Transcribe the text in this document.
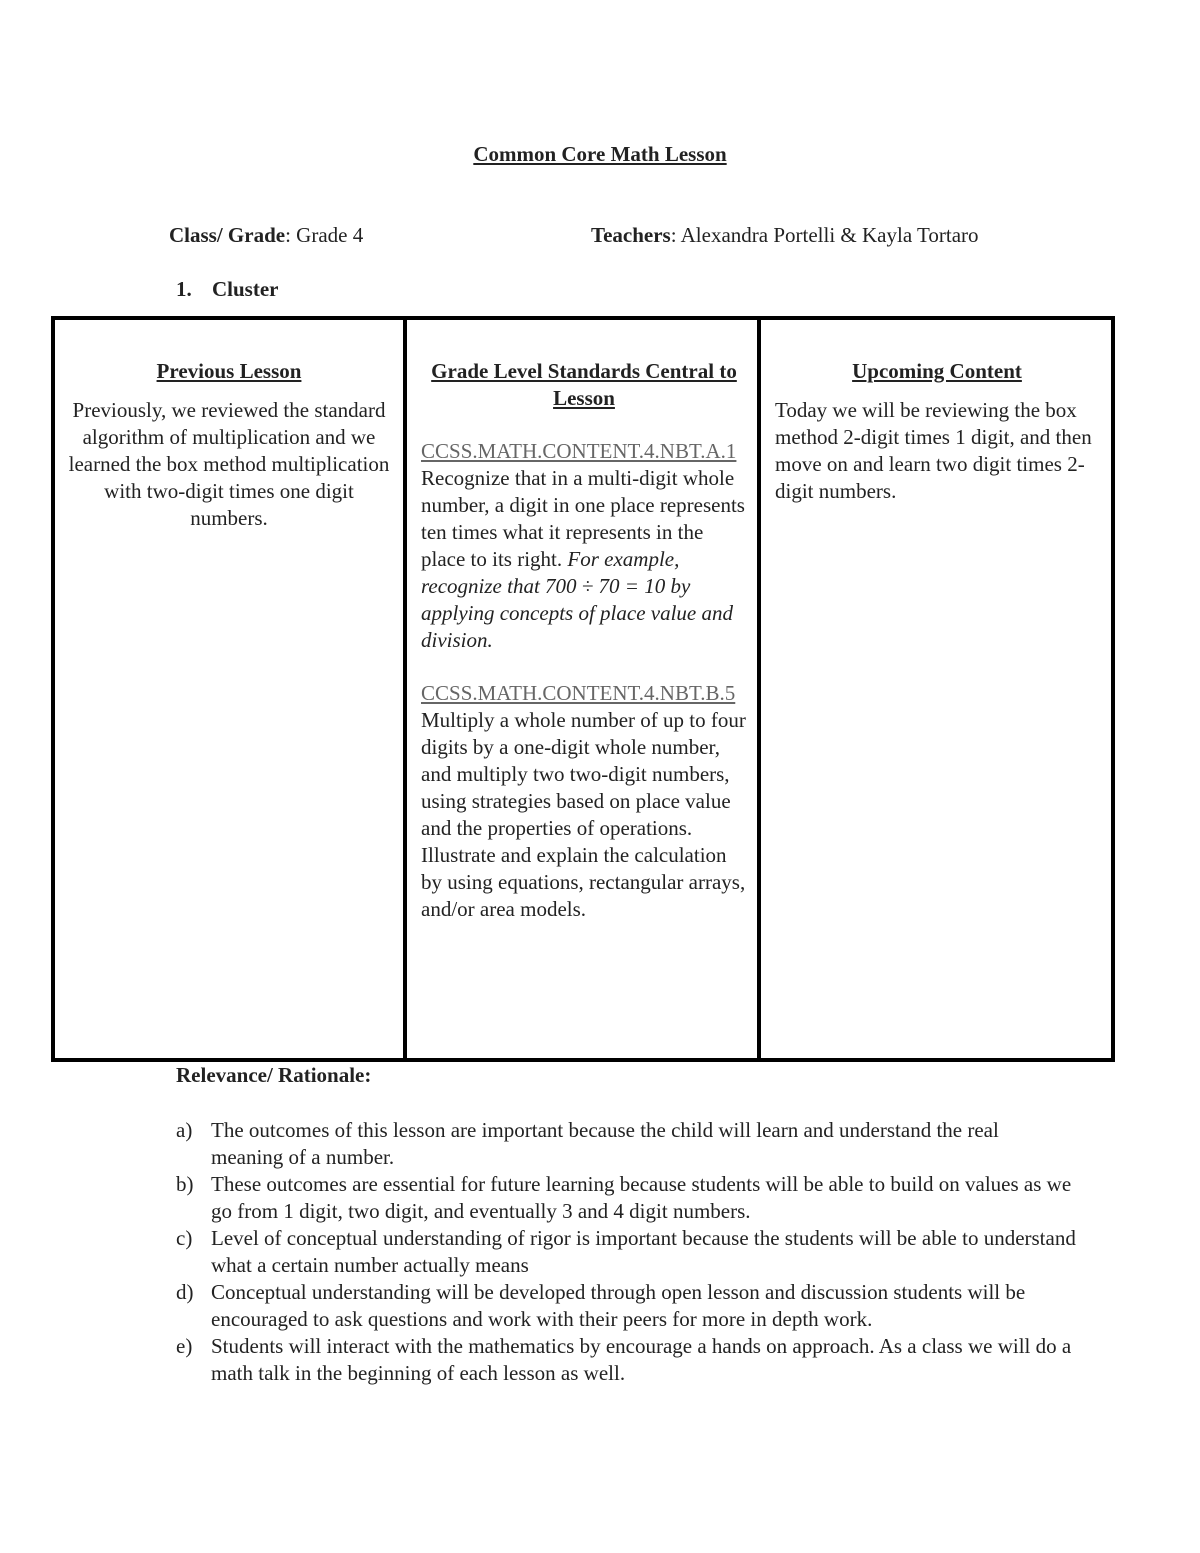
Common Core Math Lesson
Class/ Grade: Grade 4	Teachers: Alexandra Portelli & Kayla Tortaro
1. Cluster
Previous Lesson
Previously, we reviewed the standard algorithm of multiplication and we learned the box method multiplication with two-digit times one digit numbers.
Grade Level Standards Central to Lesson
CCSS.MATH.CONTENT.4.NBT.A.1
Recognize that in a multi-digit whole number, a digit in one place represents ten times what it represents in the place to its right. For example, recognize that 700 ÷ 70 = 10 by applying concepts of place value and division.
CCSS.MATH.CONTENT.4.NBT.B.5
Multiply a whole number of up to four digits by a one-digit whole number, and multiply two two-digit numbers, using strategies based on place value and the properties of operations. Illustrate and explain the calculation by using equations, rectangular arrays, and/or area models.
Upcoming Content
Today we will be reviewing the box method 2-digit times 1 digit, and then move on and learn two digit times 2-digit numbers.
Relevance/ Rationale:
a) The outcomes of this lesson are important because the child will learn and understand the real meaning of a number.
b) These outcomes are essential for future learning because students will be able to build on values as we go from 1 digit, two digit, and eventually 3 and 4 digit numbers.
c) Level of conceptual understanding of rigor is important because the students will be able to understand what a certain number actually means
d) Conceptual understanding will be developed through open lesson and discussion students will be encouraged to ask questions and work with their peers for more in depth work.
e) Students will interact with the mathematics by encourage a hands on approach. As a class we will do a math talk in the beginning of each lesson as well.
